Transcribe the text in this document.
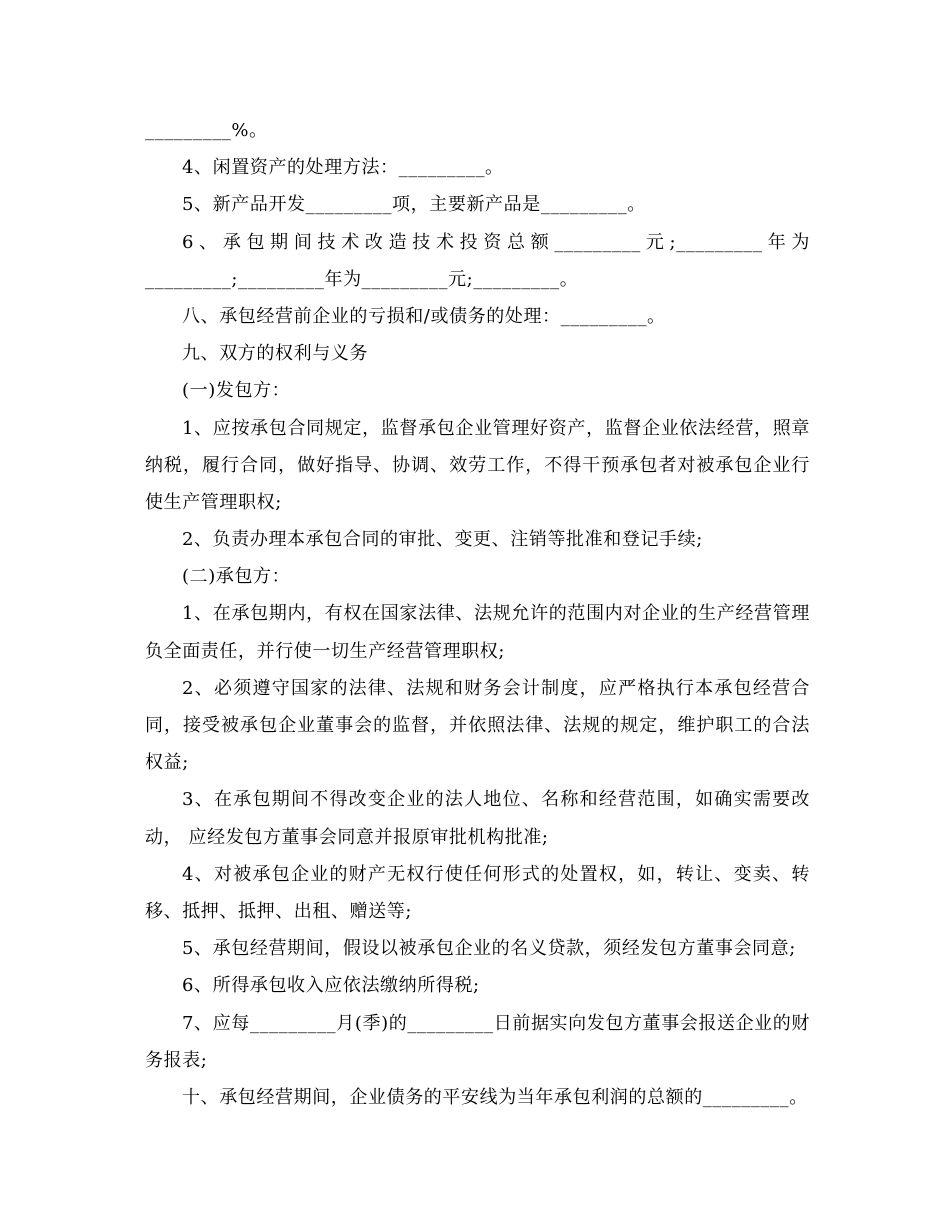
_________%。
4、闲置资产的处理方法：_________。
5、新产品开发_________项，主要新产品是_________。
6、承包期间技术改造技术投资总额_________元;_________年为
_________;_________年为_________元;_________。
八、承包经营前企业的亏损和/或债务的处理：_________。
九、双方的权利与义务
(一)发包方：
1、应按承包合同规定，监督承包企业管理好资产，监督企业依法经营，照章
纳税，履行合同，做好指导、协调、效劳工作，不得干预承包者对被承包企业行
使生产管理职权;
2、负责办理本承包合同的审批、变更、注销等批准和登记手续;
(二)承包方：
1、在承包期内，有权在国家法律、法规允许的范围内对企业的生产经营管理
负全面责任，并行使一切生产经营管理职权;
2、必须遵守国家的法律、法规和财务会计制度，应严格执行本承包经营合
同，接受被承包企业董事会的监督，并依照法律、法规的规定，维护职工的合法
权益;
3、在承包期间不得改变企业的法人地位、名称和经营范围，如确实需要改
动， 应经发包方董事会同意并报原审批机构批准;
4、对被承包企业的财产无权行使任何形式的处置权，如，转让、变卖、转
移、抵押、抵押、出租、赠送等;
5、承包经营期间，假设以被承包企业的名义贷款，须经发包方董事会同意;
6、所得承包收入应依法缴纳所得税;
7、应每_________月(季)的_________日前据实向发包方董事会报送企业的财
务报表;
十、承包经营期间，企业债务的平安线为当年承包利润的总额的_________。
